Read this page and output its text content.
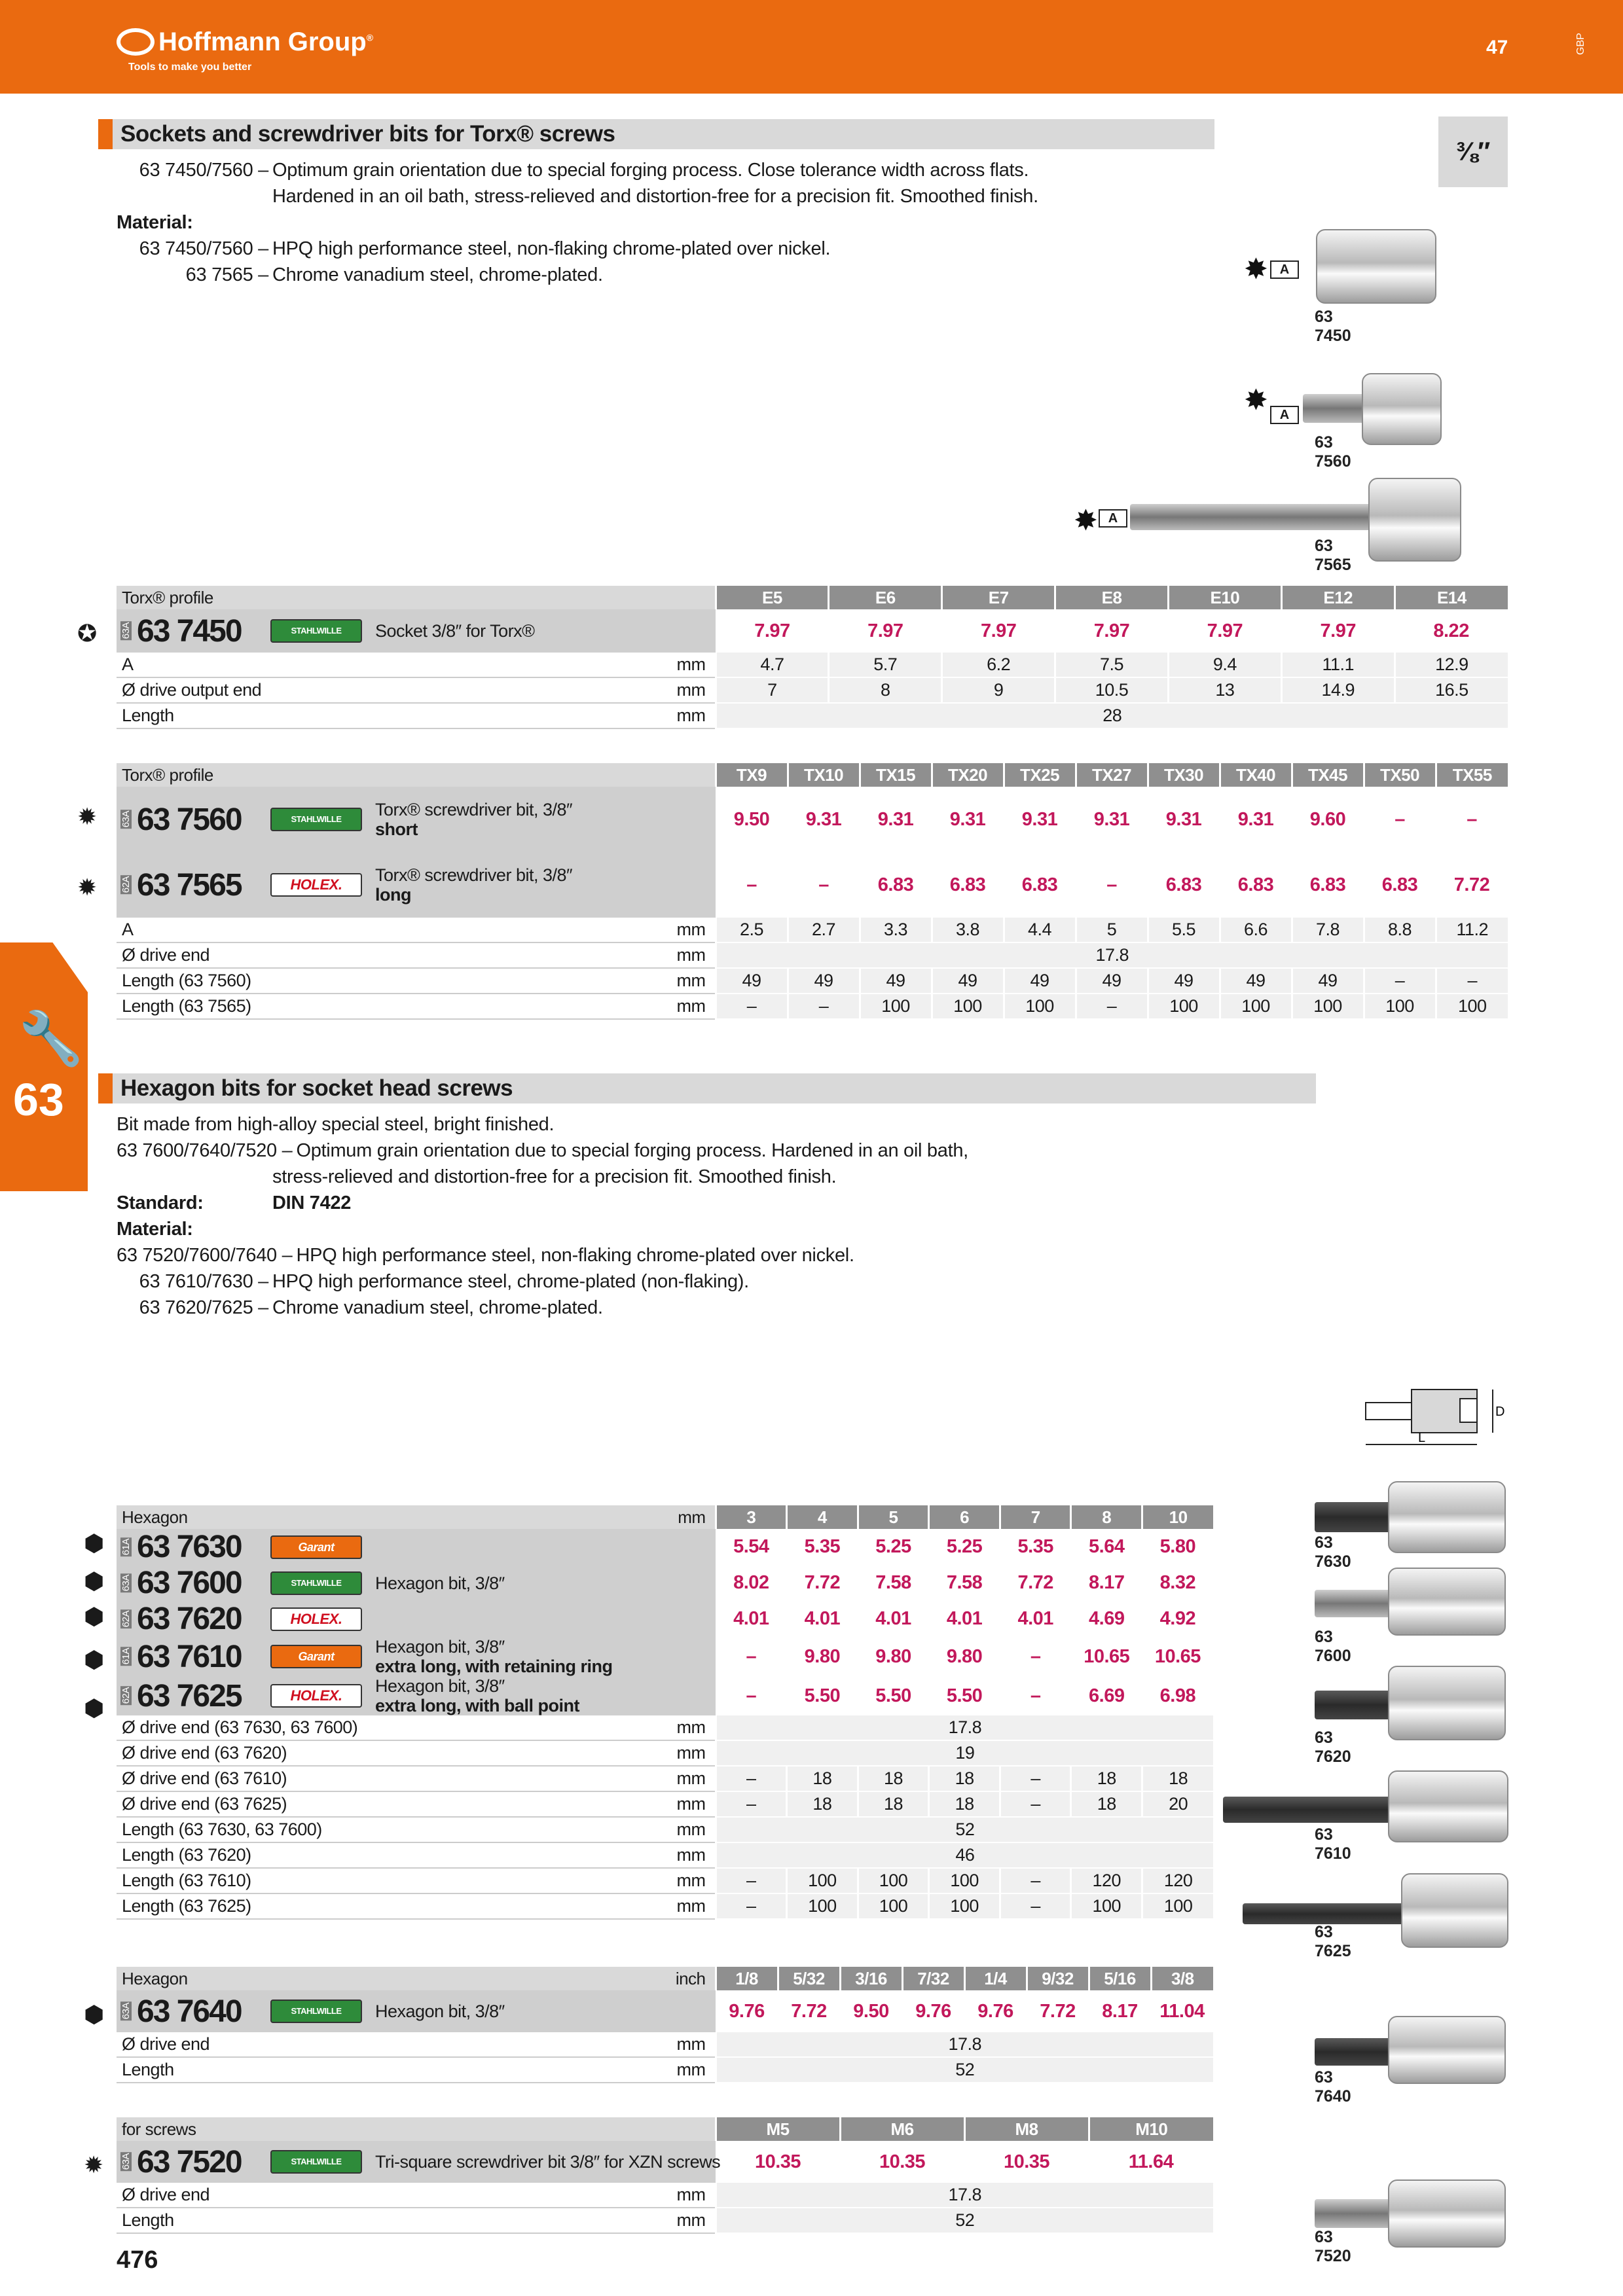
Hoffmann Group®
Tools to make you better
47	GBP
🔧
63
Sockets and screwdriver bits for Torx® screws
⅜″
63 7450/7560 – Optimum grain orientation due to special forging process. Close tolerance width across flats.
Hardened in an oil bath, stress-relieved and distortion-free for a precision fit. Smoothed finish.
Material:
63 7450/7560 – HPQ high performance steel, non-flaking chrome-plated over nickel.
63 7565 – Chrome vanadium steel, chrome-plated.	✸ A
63 7450
✸ A
63 7560
✸ A
63 7565
✪
Torx® profile			E5	E6	E7	E8	E10	E12	E14
63A 63 7450	STAHLWILLE	Socket 3/8″ for Torx®	7.97	7.97	7.97	7.97	7.97	7.97	8.22
A		mm	4.7	5.7	6.2	7.5	9.4	11.1	12.9
Ø drive output end		mm	7	8	9	10.5	13	14.9	16.5
Length		mm	28						
✹
✹
Torx® profile			TX9	TX10	TX15	TX20	TX25	TX27	TX30	TX40	TX45	TX50	TX55
63A 63 7560	STAHLWILLE	Torx® screwdriver bit, 3/8″
short	9.50	9.31	9.31	9.31	9.31	9.31	9.31	9.31	9.60	–	–
62A 63 7565	HOLEX.	Torx® screwdriver bit, 3/8″
long	–	–	6.83	6.83	6.83	–	6.83	6.83	6.83	6.83	7.72
A		mm	2.5	2.7	3.3	3.8	4.4	5	5.5	6.6	7.8	8.8	11.2
Ø drive end		mm	17.8										
Length (63 7560)		mm	49	49	49	49	49	49	49	49	49	–	–
Length (63 7565)		mm	–	–	100	100	100	–	100	100	100	100	100
Hexagon bits for socket head screws
Bit made from high-alloy special steel, bright finished.
63 7600/7640/7520 – Optimum grain orientation due to special forging process. Hardened in an oil bath,
stress-relieved and distortion-free for a precision fit. Smoothed finish.
Standard:	DIN 7422
Material:
63 7520/7600/7640 – HPQ high performance steel, non-flaking chrome-plated over nickel.
63 7610/7630 – HPQ high performance steel, chrome-plated (non-flaking).
63 7620/7625 – Chrome vanadium steel, chrome-plated.
D
L
63 7630
63 7600
63 7620
63 7610
63 7625
63 7640
63 7520
⬢
⬢
⬢
⬢
⬢
Hexagon		mm	3	4	5	6	7	8	10
61A 63 7630	Garant		5.54	5.35	5.25	5.25	5.35	5.64	5.80
63A 63 7600	STAHLWILLE	Hexagon bit, 3/8″	8.02	7.72	7.58	7.58	7.72	8.17	8.32
62A 63 7620	HOLEX.		4.01	4.01	4.01	4.01	4.01	4.69	4.92
61A 63 7610	Garant	Hexagon bit, 3/8″
extra long, with retaining ring	–	9.80	9.80	9.80	–	10.65	10.65
62A 63 7625	HOLEX.	Hexagon bit, 3/8″
extra long, with ball point	–	5.50	5.50	5.50	–	6.69	6.98
Ø drive end (63 7630, 63 7600)		mm	17.8						
Ø drive end (63 7620)		mm	19						
Ø drive end (63 7610)		mm	–	18	18	18	–	18	18
Ø drive end (63 7625)		mm	–	18	18	18	–	18	20
Length (63 7630, 63 7600)		mm	52						
Length (63 7620)		mm	46						
Length (63 7610)		mm	–	100	100	100	–	120	120
Length (63 7625)		mm	–	100	100	100	–	100	100
⬢
Hexagon		inch	1/8	5/32	3/16	7/32	1/4	9/32	5/16	3/8
63A 63 7640	STAHLWILLE	Hexagon bit, 3/8″	9.76	7.72	9.50	9.76	9.76	7.72	8.17	11.04
Ø drive end		mm	17.8							
Length		mm	52							
✹
for screws			M5	M6	M8	M10
63A 63 7520	STAHLWILLE	Tri-square screwdriver bit 3/8″ for XZN screws	10.35	10.35	10.35	11.64
Ø drive end		mm	17.8			
Length		mm	52			
476
